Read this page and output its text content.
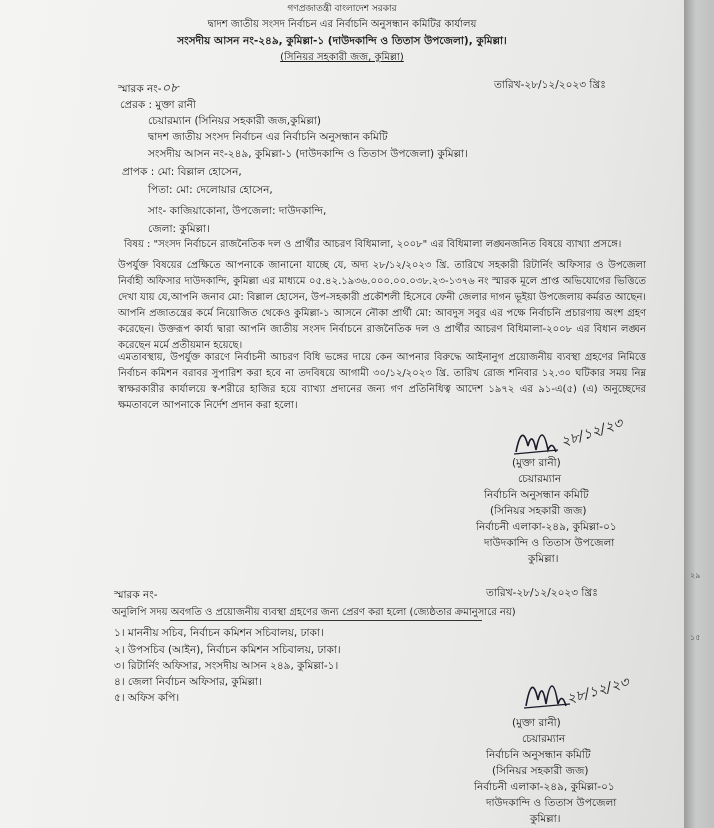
গণপ্রজাতন্ত্রী বাংলাদেশ সরকার
দ্বাদশ জাতীয় সংসদ নির্বাচন এর নির্বাচনি অনুসন্ধান কমিটির কার্যালয়
সংসদীয় আসন নং-২৪৯, কুমিল্লা-১ (দাউদকান্দি ও তিতাস উপজেলা), কুমিল্লা।
(সিনিয়র সহকারী জজ, কুমিল্লা)
স্মারক নং-০৮	তারিখ-২৮/১২/২০২৩ খ্রিঃ
প্রেরক : মুক্তা রানী
চেয়ারম্যান (সিনিয়র সহকারী জজ,কুমিল্লা)
দ্বাদশ জাতীয় সংসদ নির্বাচন এর নির্বাচনি অনুসন্ধান কমিটি
সংসদীয় আসন নং-২৪৯, কুমিল্লা-১ (দাউদকান্দি ও তিতাস উপজেলা) কুমিল্লা।
প্রাপক : মো: বিল্লাল হোসেন,
পিতা: মো: দেলোয়ার হোসেন,
সাং- কাজিয়াকোনা, উপজেলা: দাউদকান্দি,
জেলা: কুমিল্লা।
বিষয় : "সংসদ নির্বাচনে রাজনৈতিক দল ও প্রার্থীর আচরণ বিধিমালা, ২০০৮" এর বিধিমালা লঙ্ঘনজনিত বিষয়ে ব্যাখ্যা প্রসঙ্গে।
উপর্যুক্ত বিষয়ের প্রেক্ষিতে আপনাকে জানানো যাচ্ছে যে, অদ্য ২৮/১২/২০২৩ খ্রি. তারিখে সহকারী রিটার্নিং অফিসার ও উপজেলা নির্বাহী অফিসার দাউদকান্দি, কুমিল্লা এর মাধ্যমে ০৫.৪২.১৯৩৬.০০০.০০.০৩৮.২৩-১৩৭৬ নং স্মারক মূলে প্রাপ্ত অভিযোগের ভিত্তিতে দেখা যায় যে,আপনি জনাব মো: বিল্লাল হোসেন, উপ-সহকারী প্রকৌশলী হিসেবে ফেনী জেলার দাগন ভূইয়া উপজেলায় কর্মরত আছেন। আপনি প্রজাতন্ত্রের কর্মে নিয়োজিত থেকেও কুমিল্লা-১ আসনে নৌকা প্রার্থী মো: আবদুস সবুর এর পক্ষে নির্বাচনি প্রচারণায় অংশ গ্রহণ করেছেন। উক্তরূপ কার্য্য দ্বারা আপনি জাতীয় সংসদ নির্বাচনে রাজনৈতিক দল ও প্রার্থীর আচরণ বিধিমালা-২০০৮ এর বিধান লঙ্ঘন করেছেন মর্মে প্রতীয়মান হয়েছে।
এমতাবস্থায়, উপর্যুক্ত কারণে নির্বাচনী আচরণ বিধি ভঙ্গের দায়ে কেন আপনার বিরুদ্ধে আইনানুগ প্রয়োজনীয় ব্যবস্থা গ্রহণের নিমিত্তে নির্বাচন কমিশন বরাবর সুপারিশ করা হবে না তদবিষয়ে আগামী ৩০/১২/২০২৩ খ্রি. তারিখ রোজ শনিবার ১২.৩০ ঘটিকার সময় নিম্ন স্বাক্ষরকারীর কার্যালয়ে স্ব-শরীরে হাজির হয়ে ব্যাখ্যা প্রদানের জন্য গণ প্রতিনিধিত্ব আদেশ ১৯৭২ এর ৯১-এ(৫) (এ) অনুচ্ছেদের ক্ষমতাবলে আপনাকে নির্দেশ প্রদান করা হলো।
২৮/১২/২৩
(মুক্তা রানী)
চেয়ারম্যান
নির্বাচনি অনুসন্ধান কমিটি
(সিনিয়র সহকারী জজ)
নির্বাচনী এলাকা-২৪৯, কুমিল্লা-০১
দাউদকান্দি ও তিতাস উপজেলা
কুমিল্লা।
স্মারক নং-	তারিখ-২৮/১২/২০২৩ খ্রিঃ
অনুলিপি সদয় অবগতি ও প্রয়োজনীয় ব্যবস্থা গ্রহণের জন্য প্রেরণ করা হলো (জ্যেষ্ঠতার ক্রমানুসারে নয়)
১। মাননীয় সচিব, নির্বাচন কমিশন সচিবালয়, ঢাকা।
২। উপসচিব (আইন), নির্বাচন কমিশন সচিবালয়, ঢাকা।
৩। রিটার্নিং অফিসার, সংসদীয় আসন ২৪৯, কুমিল্লা-১।
৪। জেলা নির্বাচন অফিসার, কুমিল্লা।
৫। অফিস কপি।	২৮/১২/২৩
(মুক্তা রানী)
চেয়ারম্যান
নির্বাচনি অনুসন্ধান কমিটি
(সিনিয়র সহকারী জজ)
নির্বাচনী এলাকা-২৪৯, কুমিল্লা-০১
দাউদকান্দি ও তিতাস উপজেলা
কুমিল্লা।
২৯
১৫
